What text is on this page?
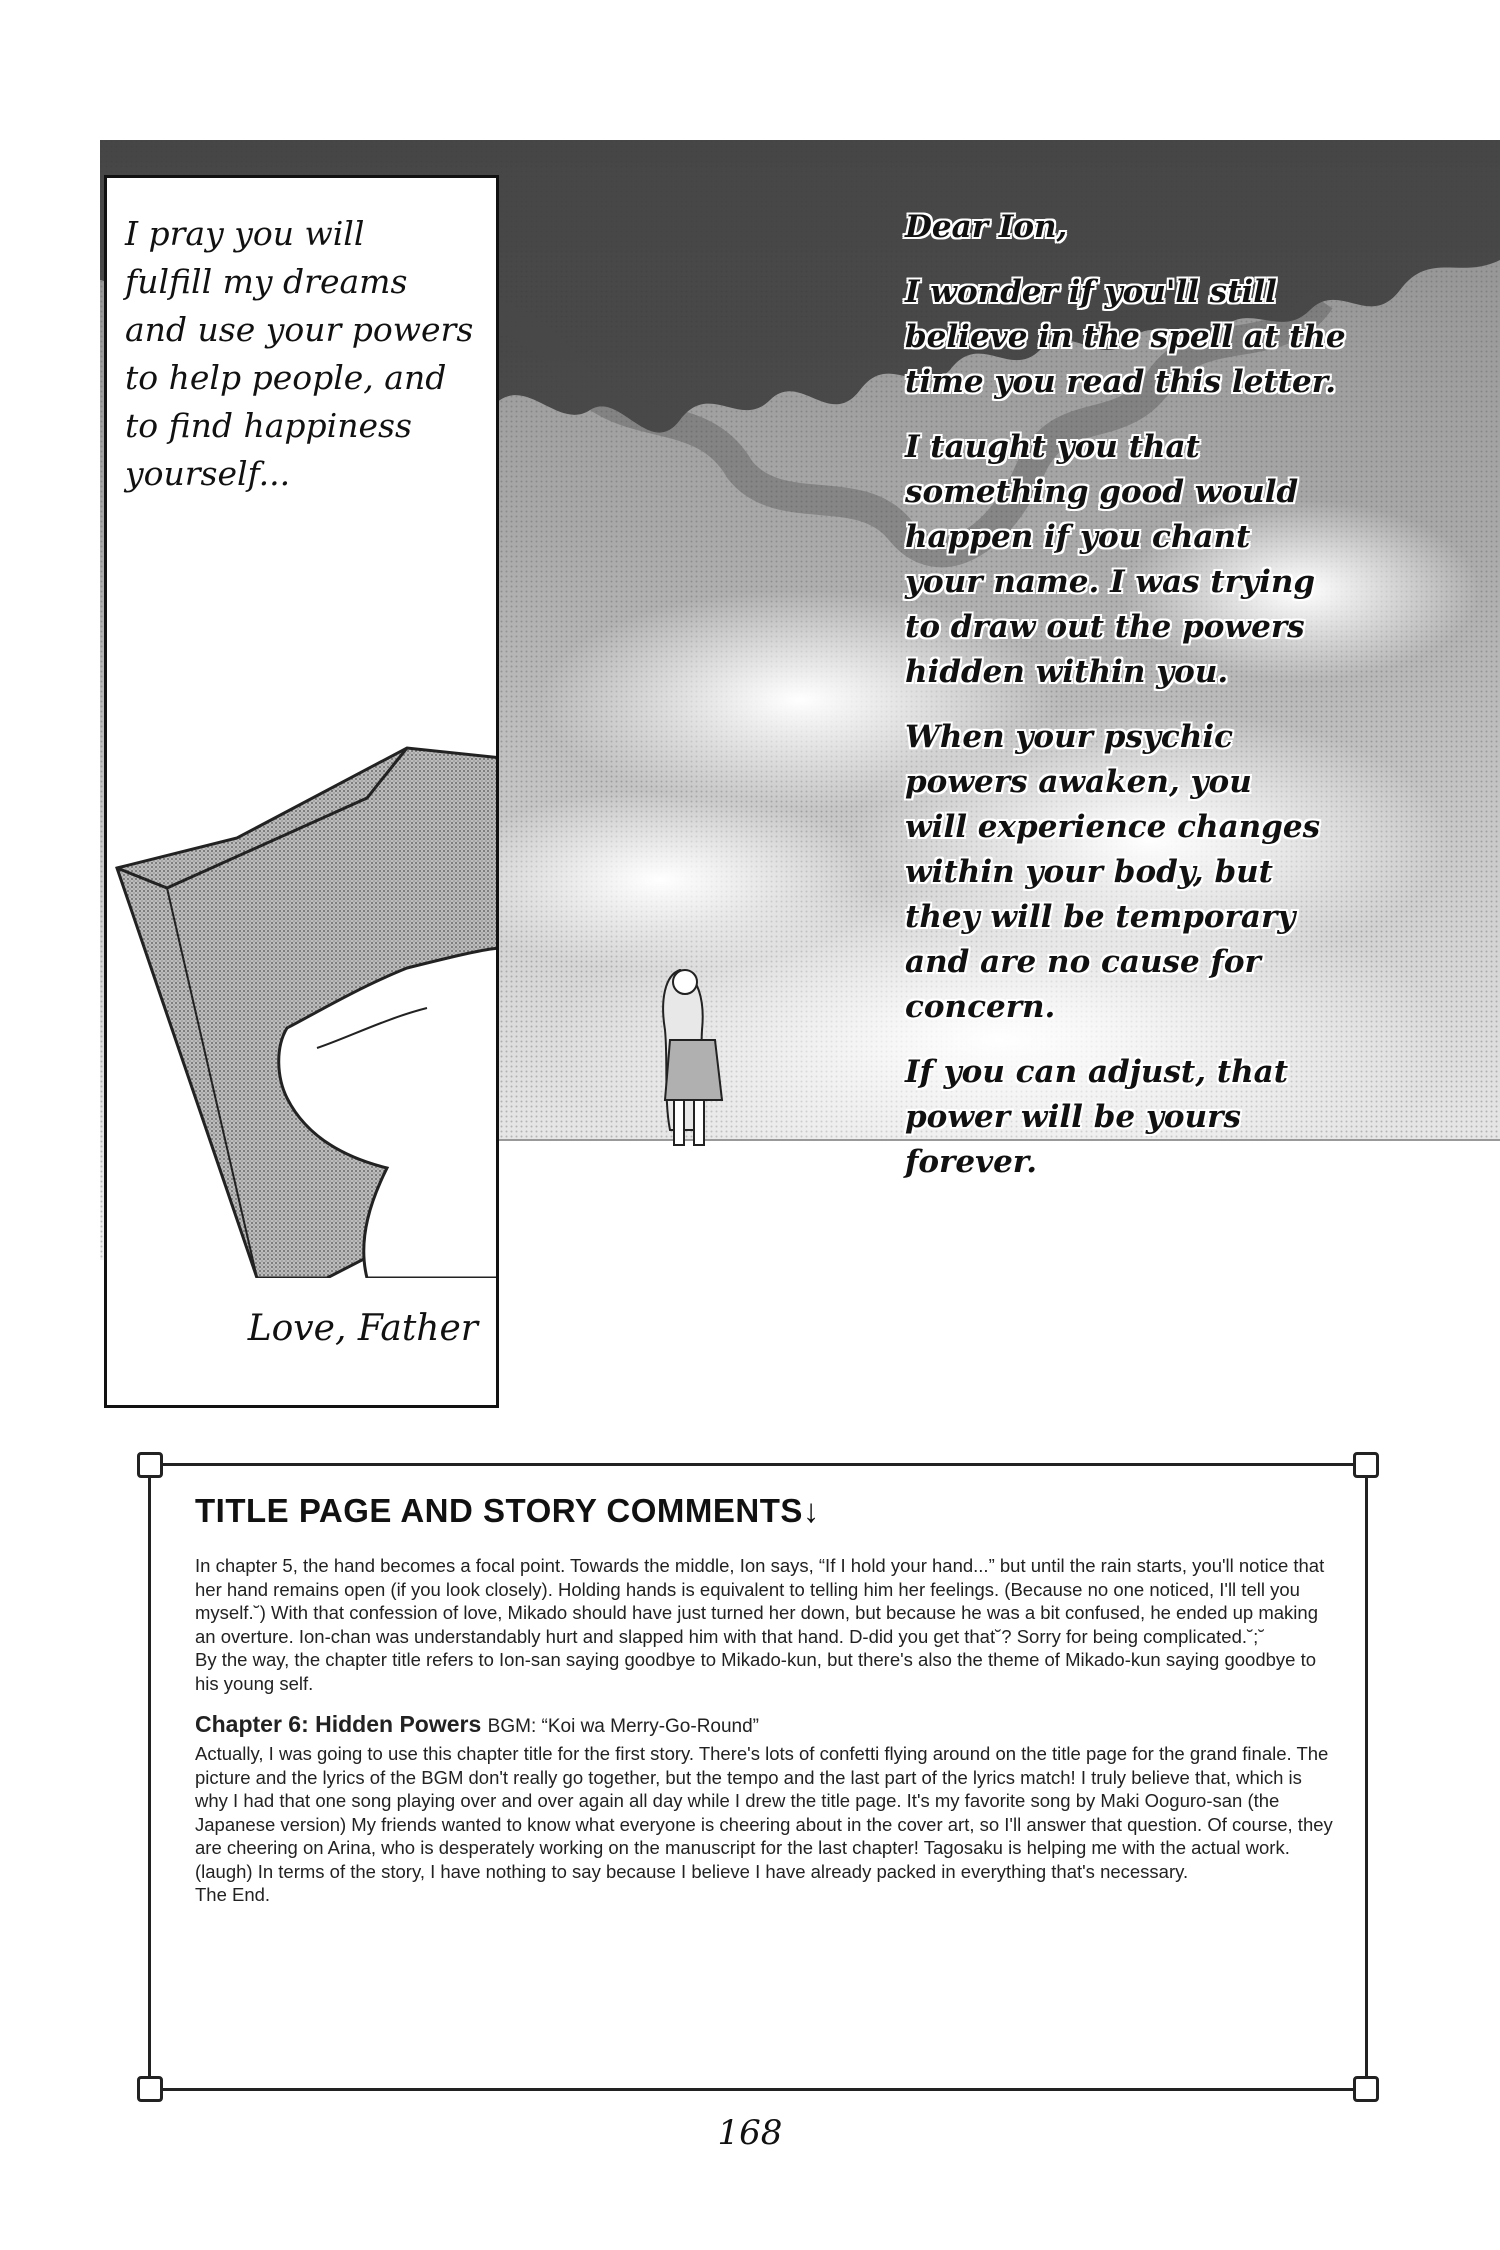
I pray you will
fulfill my dreams
and use your powers
to help people, and
to find happiness
yourself...

Love, Father

Dear Ion,

I wonder if you'll still
believe in the spell at the
time you read this letter.

I taught you that
something good would
happen if you chant
your name. I was trying
to draw out the powers
hidden within you.

When your psychic
powers awaken, you
will experience changes
within your body, but
they will be temporary
and are no cause for
concern.

If you can adjust, that
power will be yours
forever.

TITLE PAGE AND STORY COMMENTS↓

In chapter 5, the hand becomes a focal point. Towards the middle, Ion says, “If I hold your hand...” but until the rain starts, you'll notice that her hand remains open (if you look closely). Holding hands is equivalent to telling him her feelings. (Because no one noticed, I'll tell you myself.˘) With that confession of love, Mikado should have just turned her down, but because he was a bit confused, he ended up making an overture. Ion-chan was understandably hurt and slapped him with that hand. D-did you get that˘? Sorry for being complicated.˘;˘

By the way, the chapter title refers to Ion-san saying goodbye to Mikado-kun, but there's also the theme of Mikado-kun saying goodbye to his young self.

Chapter 6: Hidden Powers BGM: “Koi wa Merry-Go-Round”

Actually, I was going to use this chapter title for the first story. There's lots of confetti flying around on the title page for the grand finale. The picture and the lyrics of the BGM don't really go together, but the tempo and the last part of the lyrics match! I truly believe that, which is why I had that one song playing over and over again all day while I drew the title page. It's my favorite song by Maki Ooguro-san (the Japanese version) My friends wanted to know what everyone is cheering about in the cover art, so I'll answer that question. Of course, they are cheering on Arina, who is desperately working on the manuscript for the last chapter! Tagosaku is helping me with the actual work. (laugh) In terms of the story, I have nothing to say because I believe I have already packed in everything that's necessary.

The End.

168
